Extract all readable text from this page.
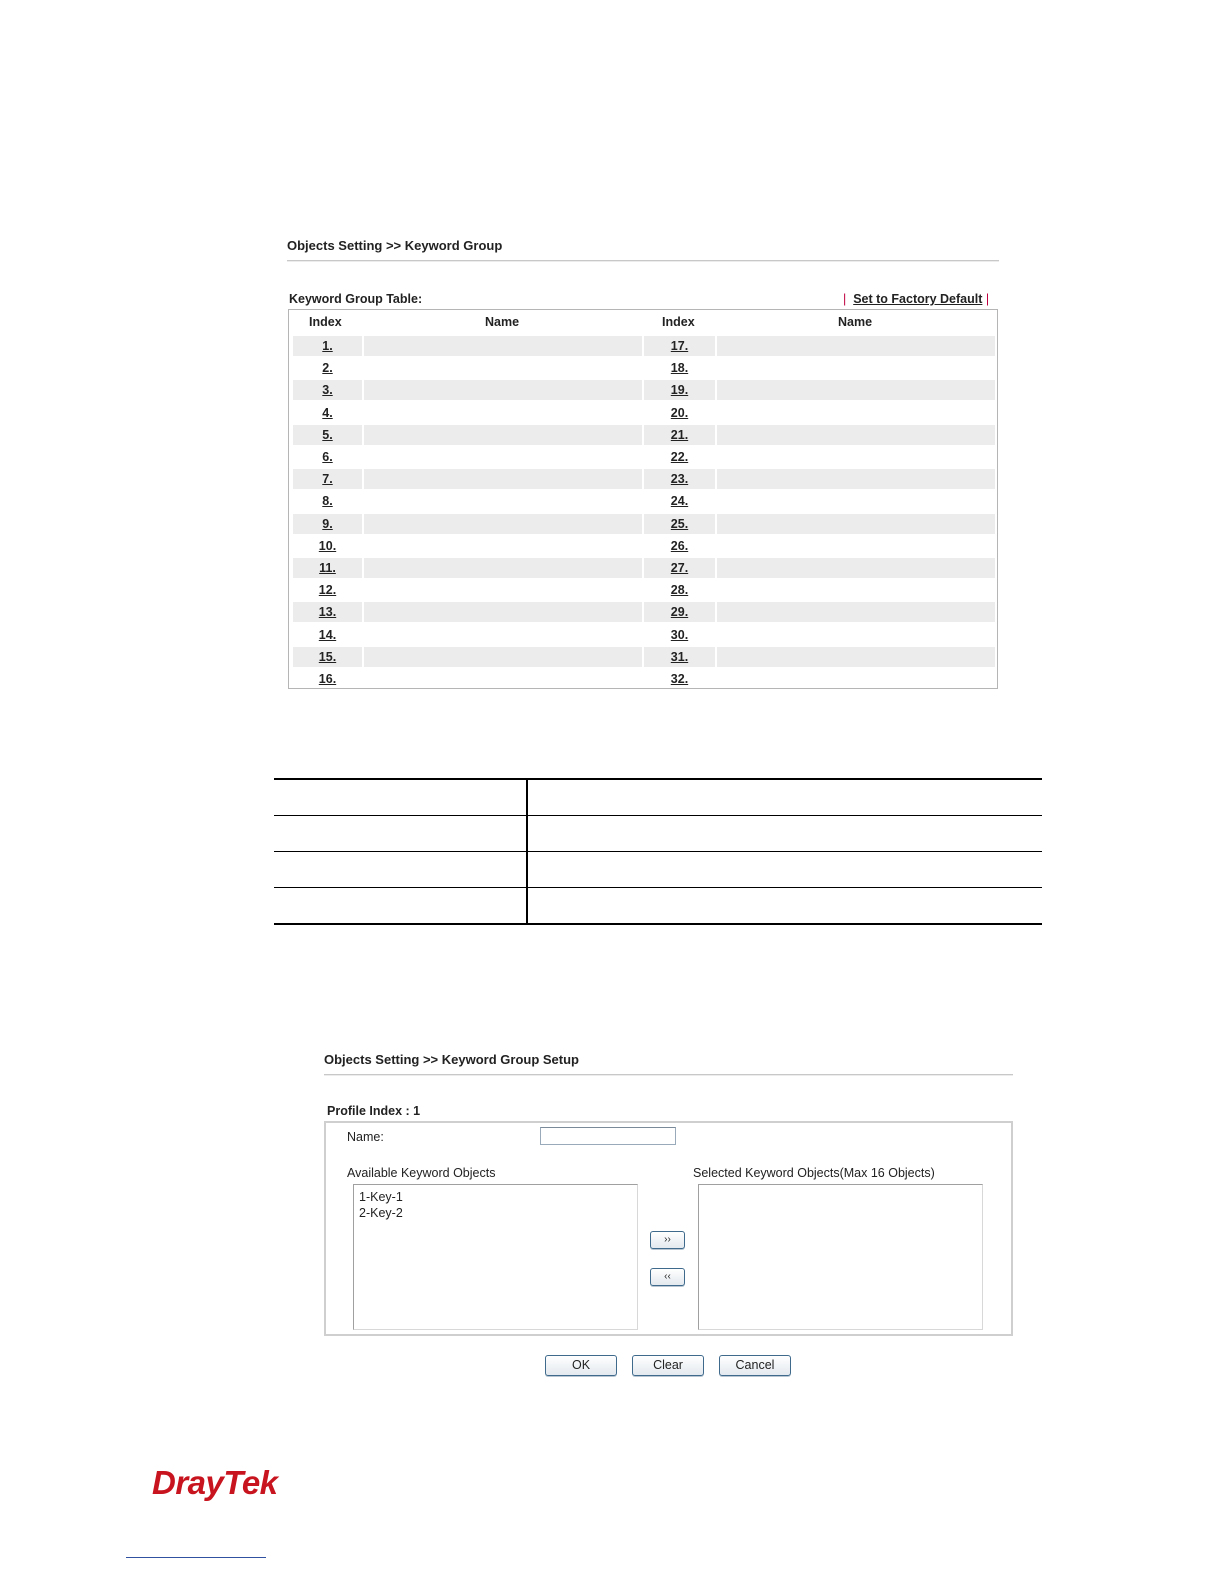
Objects Setting >> Keyword Group
Keyword Group Table:	| Set to Factory Default |
Index	Name	Index	Name
1.	17.
2.	18.
3.	19.
4.	20.
5.	21.
6.	22.
7.	23.
8.	24.
9.	25.
10.	26.
11.	27.
12.	28.
13.	29.
14.	30.
15.	31.
16.	32.
Objects Setting >> Keyword Group Setup
Profile Index : 1
Name:
Available Keyword Objects	Selected Keyword Objects(Max 16 Objects)
1-Key-1
2-Key-2
››
‹‹
OK	Clear	Cancel
DrayTek
